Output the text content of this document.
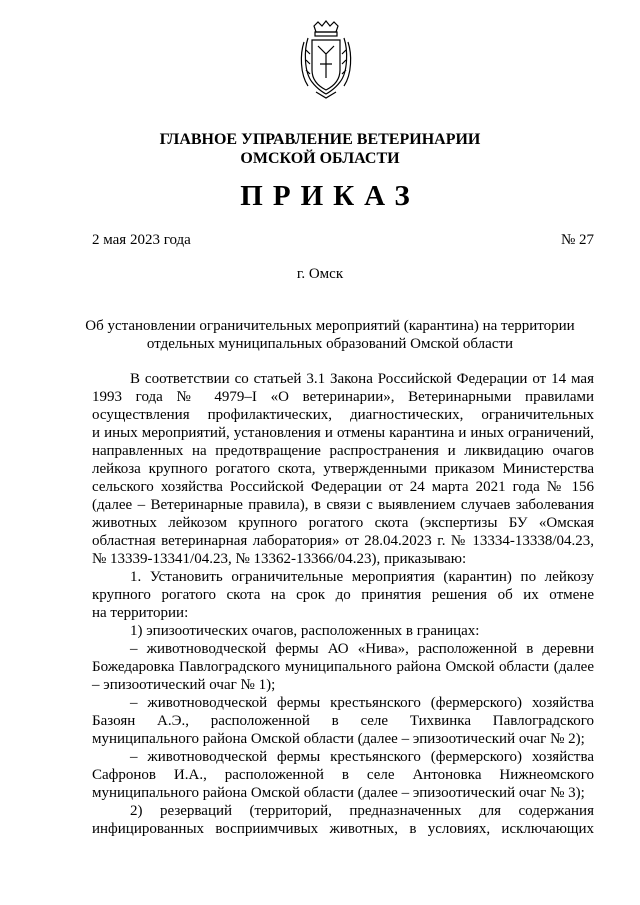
ГЛАВНОЕ УПРАВЛЕНИЕ ВЕТЕРИНАРИИ
ОМСКОЙ ОБЛАСТИ
ПРИКАЗ
2 мая 2023 года	№ 27
г. Омск
Об установлении ограничительных мероприятий (карантина) на территории
отдельных муниципальных образований Омской области

В соответствии со статьей 3.1 Закона Российской Федерации от 14 мая

1993 года № 4979–I «О ветеринарии», Ветеринарными правилами

осуществления профилактических, диагностических, ограничительных

и иных мероприятий, установления и отмены карантина и иных ограничений,

направленных на предотвращение распространения и ликвидацию очагов

лейкоза крупного рогатого скота, утвержденными приказом Министерства

сельского хозяйства Российской Федерации от 24 марта 2021 года № 156

(далее – Ветеринарные правила), в связи с выявлением случаев заболевания

животных лейкозом крупного рогатого скота (экспертизы БУ «Омская

областная ветеринарная лаборатория» от 28.04.2023 г. № 13334-13338/04.23,

№ 13339-13341/04.23, № 13362-13366/04.23), приказываю:

1. Установить ограничительные мероприятия (карантин) по лейкозу

крупного рогатого скота на срок до принятия решения об их отмене

на территории:

1) эпизоотических очагов, расположенных в границах:

– животноводческой фермы АО «Нива», расположенной в деревни

Божедаровка Павлоградского муниципального района Омской области (далее

– эпизоотический очаг № 1);

– животноводческой фермы крестьянского (фермерского) хозяйства

Базоян А.Э., расположенной в селе Тихвинка Павлоградского

муниципального района Омской области (далее – эпизоотический очаг № 2);

– животноводческой фермы крестьянского (фермерского) хозяйства

Сафронов И.А., расположенной в селе Антоновка Нижнеомского

муниципального района Омской области (далее – эпизоотический очаг № 3);

2) резерваций (территорий, предназначенных для содержания

инфицированных восприимчивых животных, в условиях, исключающих
